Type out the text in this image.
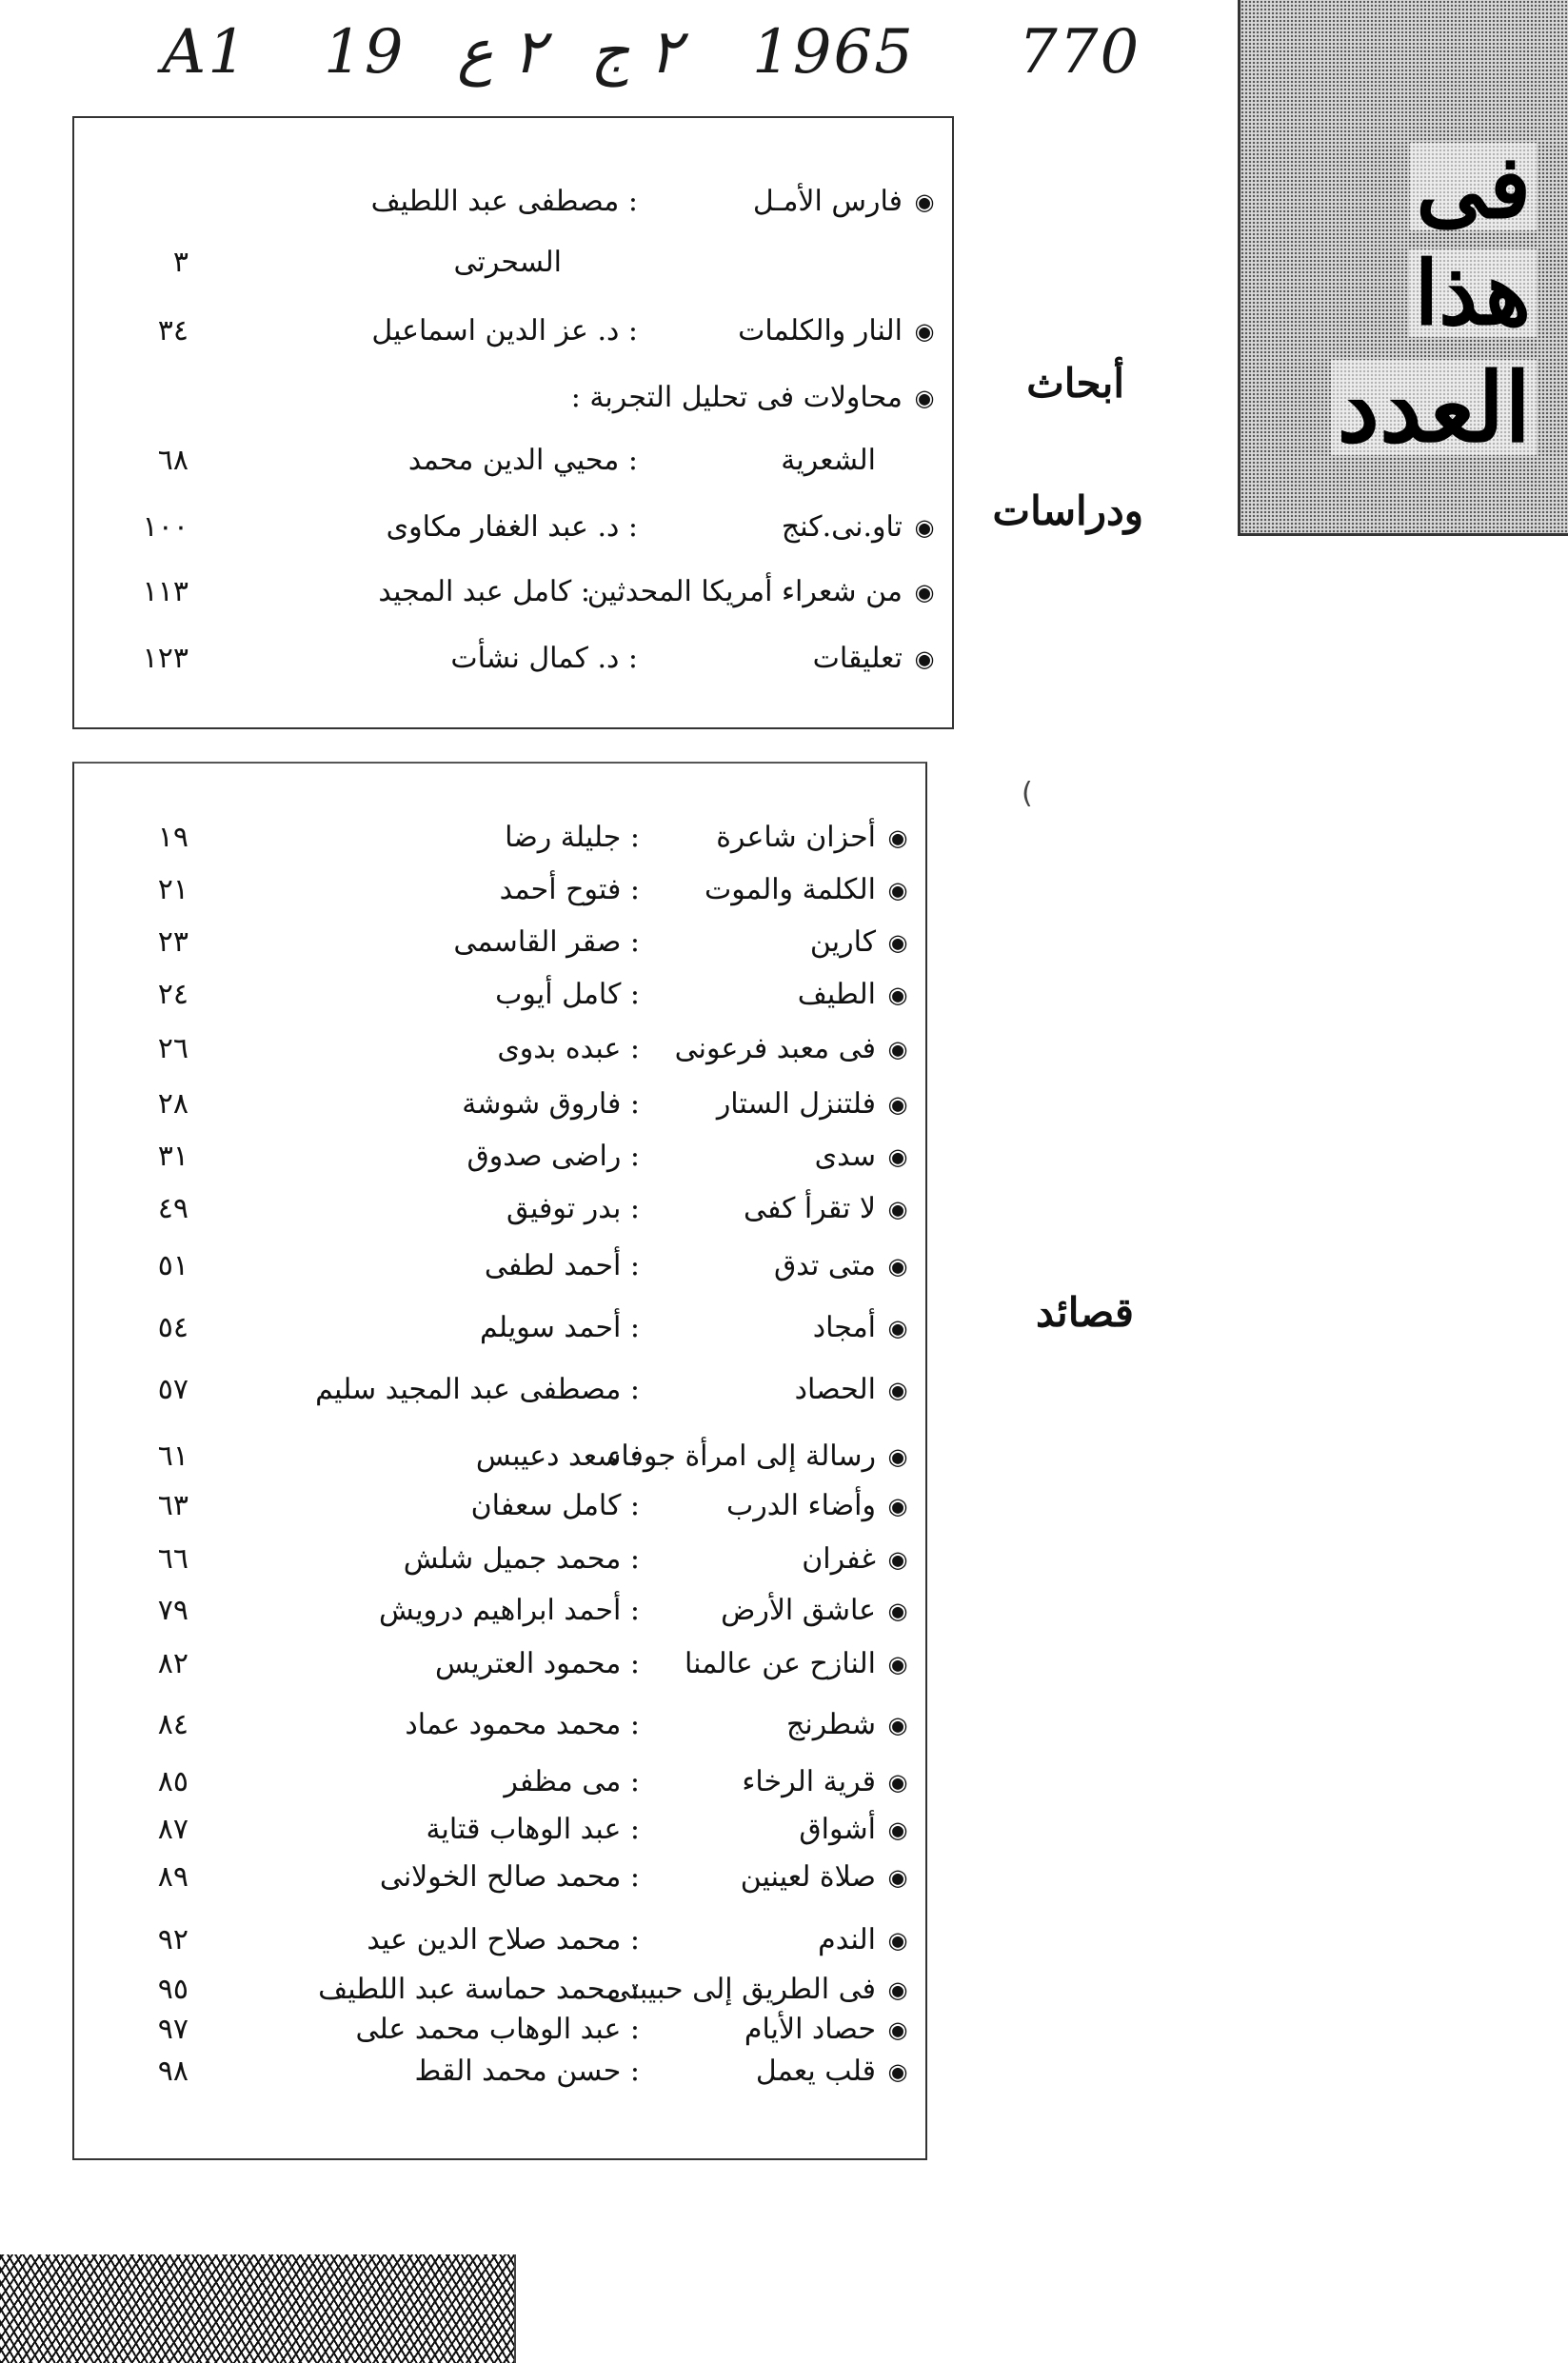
A1 19 ٢ ع ٢ ج 1965 770
فى
هذا
العدد
أبحاث
ودراسات
قصائد
(
◉
فارس الأمـل
: مصطفى عبد اللطيف
السحرتى
٣
◉
النار والكلمات
: د. عز الدين اسماعيل
٣٤
◉
محاولات فى تحليل التجربة :
الشعرية
: محيي الدين محمد
٦٨
◉
تاو.نى.كنج
: د. عبد الغفار مكاوى
١٠٠
◉
من شعراء أمريكا المحدثين
: كامل عبد المجيد
١١٣
◉
تعليقات
: د. كمال نشأت
١٢٣
◉
أحزان شاعرة
: جليلة رضا
١٩
◉
الكلمة والموت
: فتوح أحمد
٢١
◉
كارين
: صقر القاسمى
٢٣
◉
الطيف
: كامل أيوب
٢٤
◉
فى معبد فرعونى
: عبده بدوى
٢٦
◉
فلتنزل الستار
: فاروق شوشة
٢٨
◉
سدى
: راضى صدوق
٣١
◉
لا تقرأ كفى
: بدر توفيق
٤٩
◉
متى تدق
: أحمد لطفى
٥١
◉
أمجاد
: أحمد سويلم
٥٤
◉
الحصاد
: مصطفى عبد المجيد سليم
٥٧
◉
رسالة إلى امرأة جوفاء
: سعد دعيبس
٦١
◉
وأضاء الدرب
: كامل سعفان
٦٣
◉
غفران
: محمد جميل شلش
٦٦
◉
عاشق الأرض
: أحمد ابراهيم درويش
٧٩
◉
النازح عن عالمنا
: محمود العتريس
٨٢
◉
شطرنج
: محمد محمود عماد
٨٤
◉
قرية الرخاء
: مى مظفر
٨٥
◉
أشواق
: عبد الوهاب قتاية
٨٧
◉
صلاة لعينين
: محمد صالح الخولانى
٨٩
◉
الندم
: محمد صلاح الدين عيد
٩٢
◉
فى الطريق إلى حبيبتى
: محمد حماسة عبد اللطيف
٩٥
◉
حصاد الأيام
: عبد الوهاب محمد على
٩٧
◉
قلب يعمل
: حسن محمد القط
٩٨
